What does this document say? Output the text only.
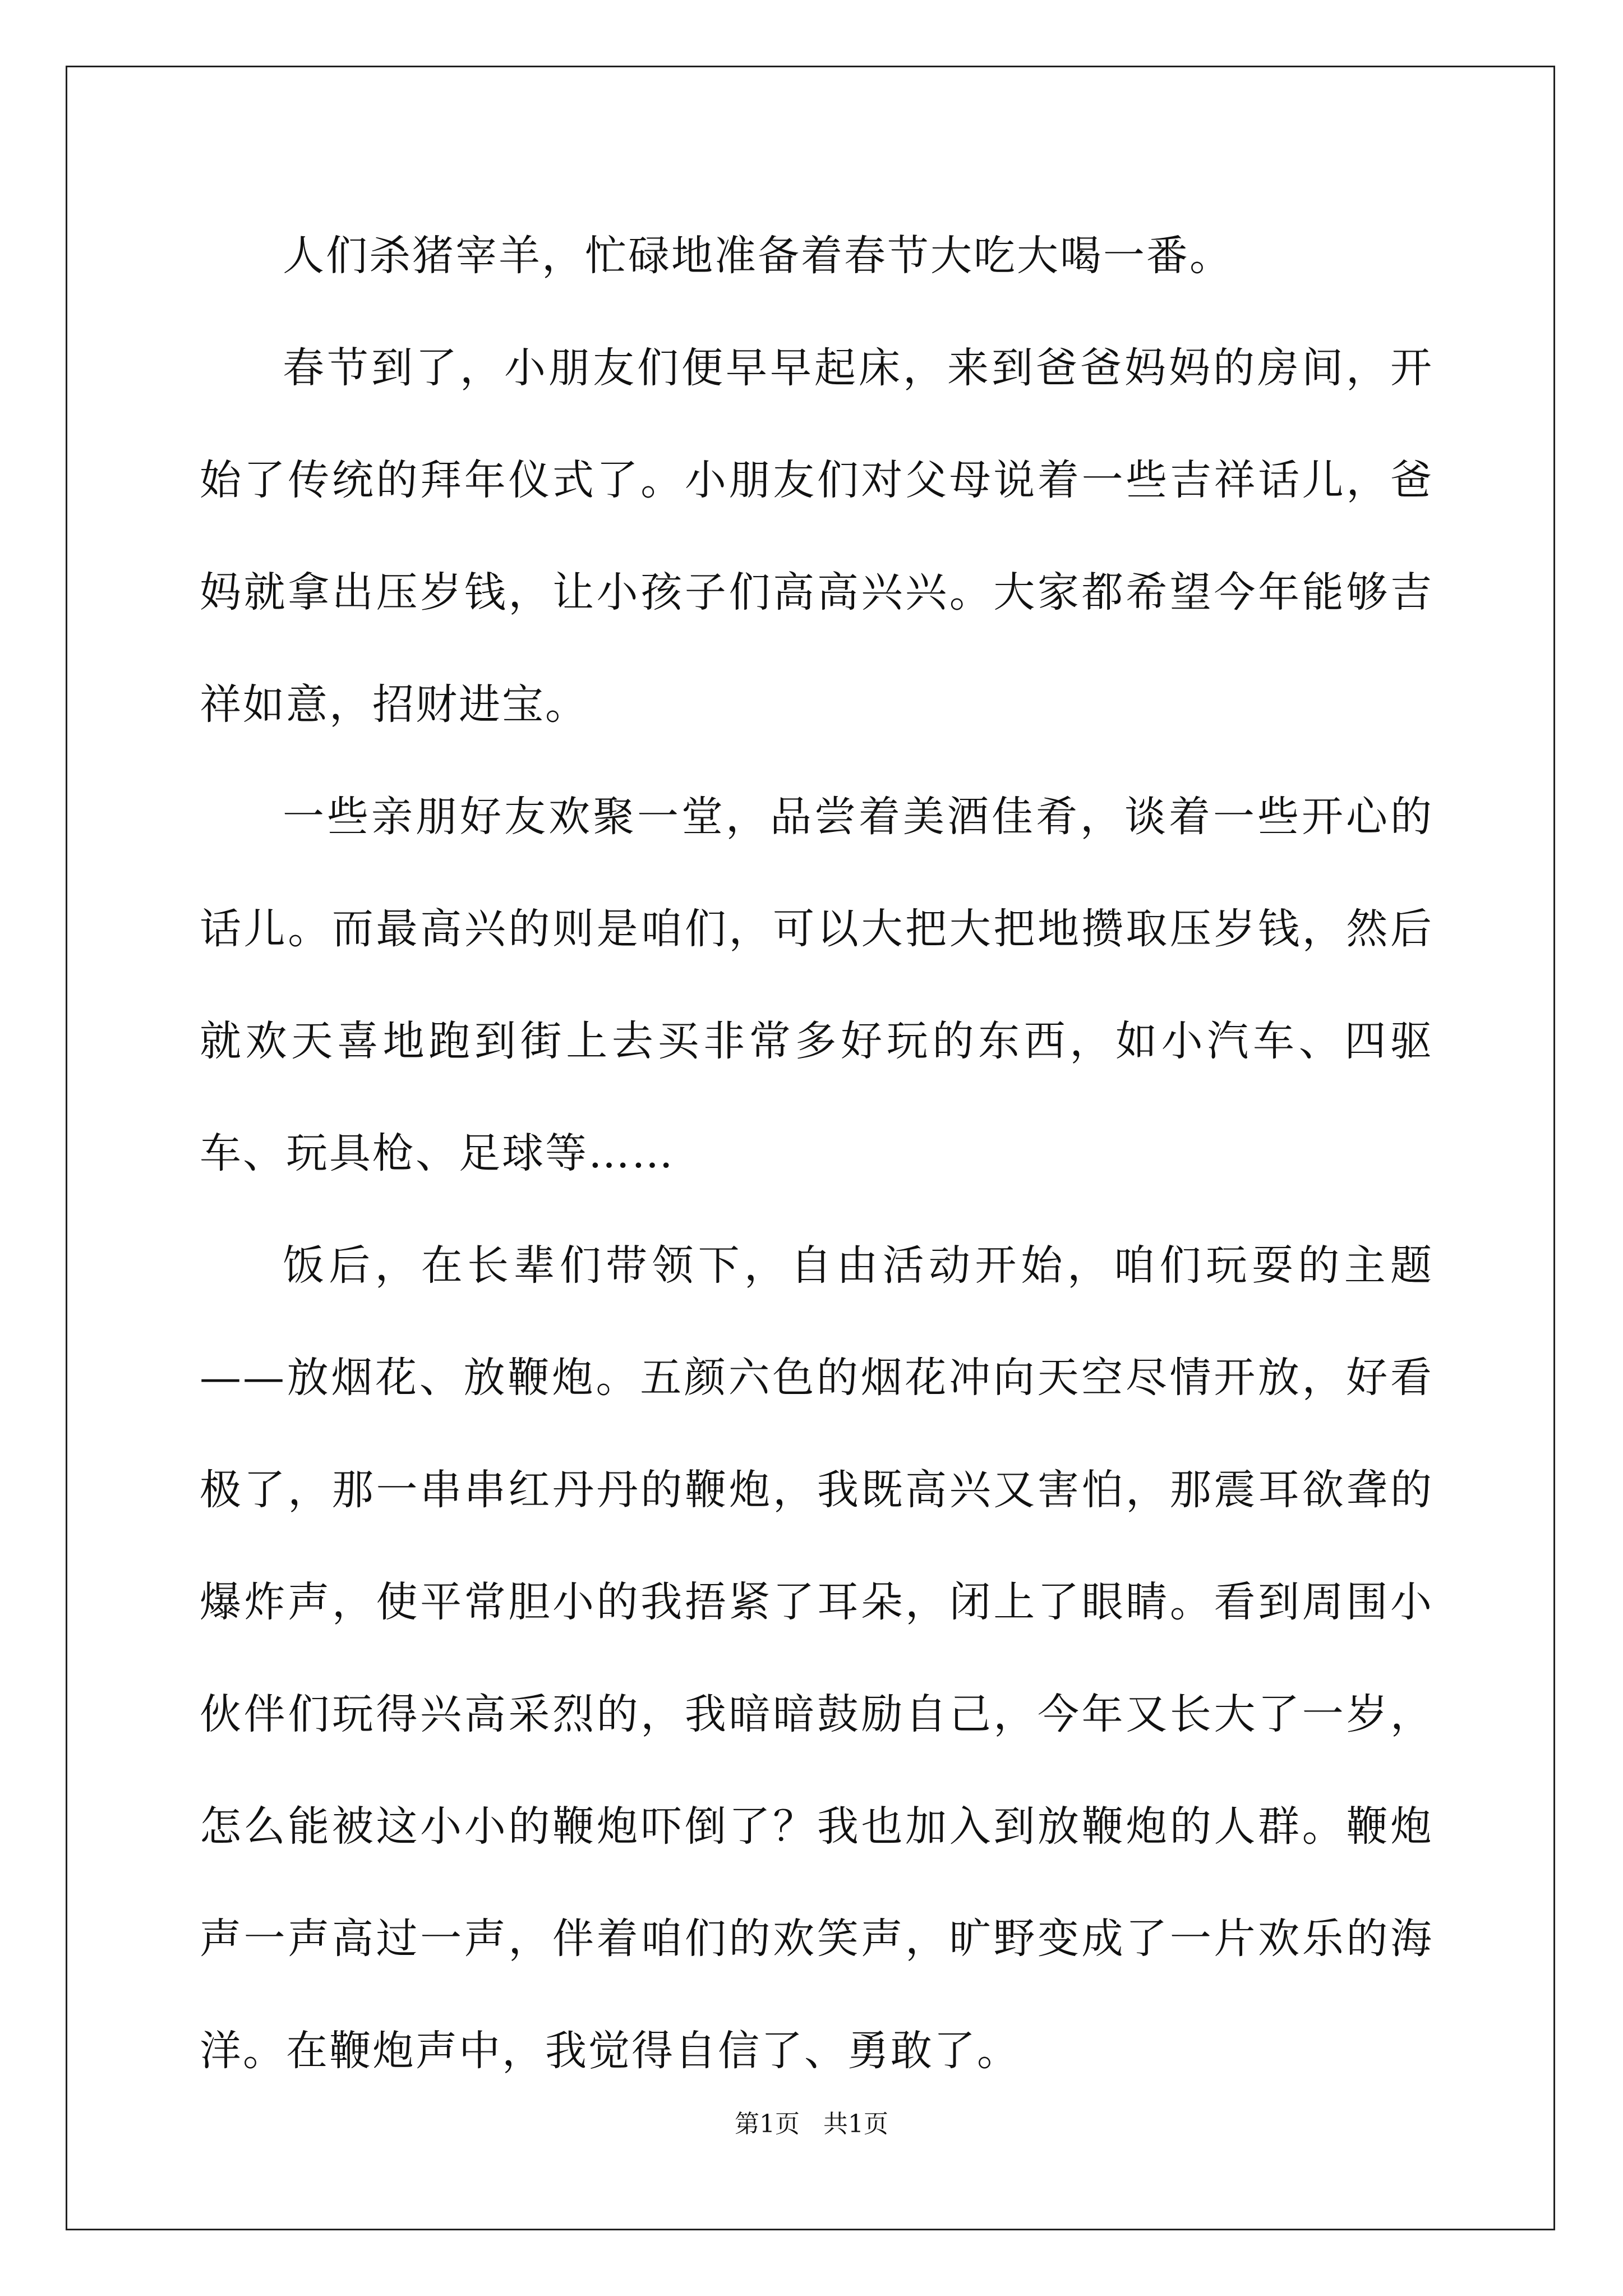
人们杀猪宰羊，忙碌地准备着春节大吃大喝一番。

春节到了，小朋友们便早早起床，来到爸爸妈妈的房间，开始了传统的拜年仪式了。小朋友们对父母说着一些吉祥话儿，爸妈就拿出压岁钱，让小孩子们高高兴兴。大家都希望今年能够吉祥如意，招财进宝。

一些亲朋好友欢聚一堂，品尝着美酒佳肴，谈着一些开心的话儿。而最高兴的则是咱们，可以大把大把地攒取压岁钱，然后就欢天喜地跑到街上去买非常多好玩的东西，如小汽车、四驱车、玩具枪、足球等……

饭后，在长辈们带领下，自由活动开始，咱们玩耍的主题——放烟花、放鞭炮。五颜六色的烟花冲向天空尽情开放，好看极了，那一串串红丹丹的鞭炮，我既高兴又害怕，那震耳欲聋的爆炸声，使平常胆小的我捂紧了耳朵，闭上了眼睛。看到周围小伙伴们玩得兴高采烈的，我暗暗鼓励自己，今年又长大了一岁，怎么能被这小小的鞭炮吓倒了？我也加入到放鞭炮的人群。鞭炮声一声高过一声，伴着咱们的欢笑声，旷野变成了一片欢乐的海洋。在鞭炮声中，我觉得自信了、勇敢了。

第1页 共1页
